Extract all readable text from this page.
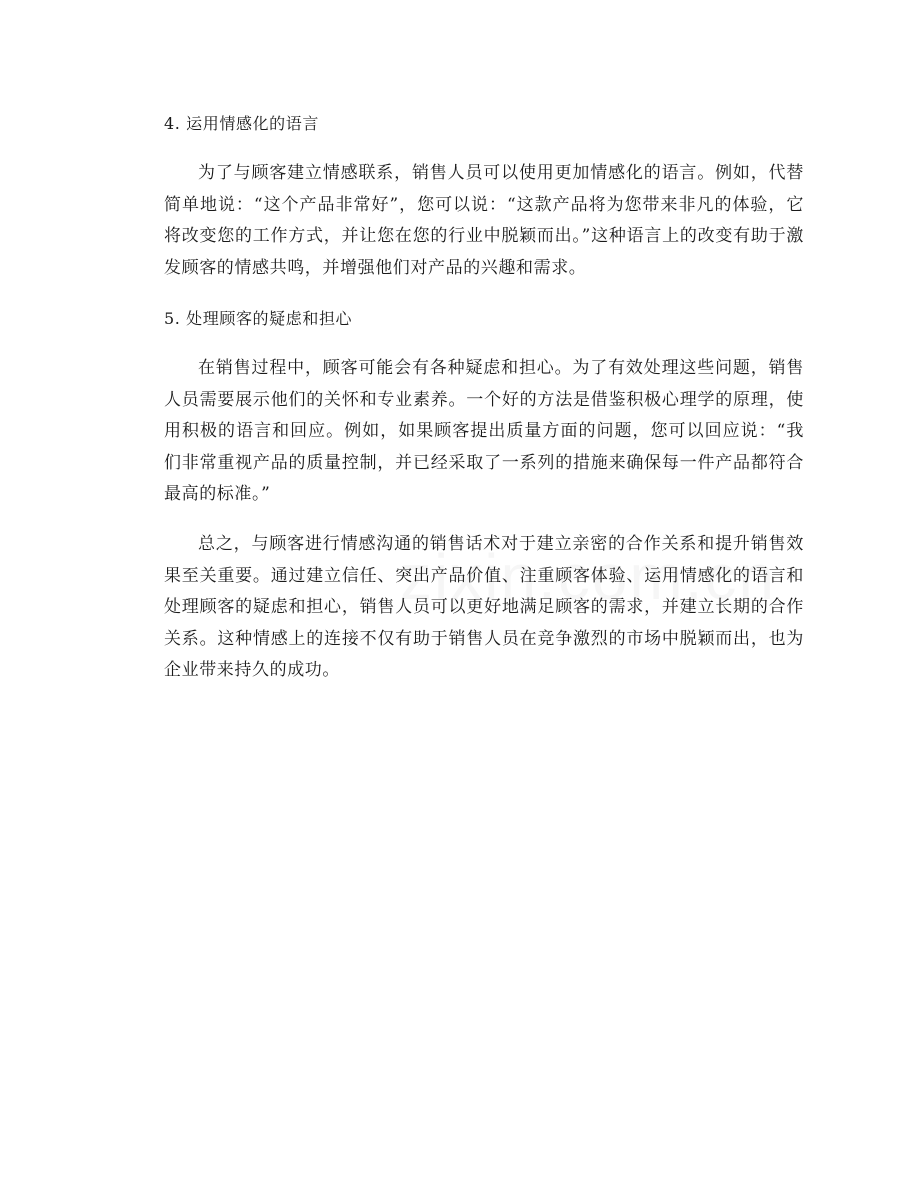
4. 运用情感化的语言

为了与顾客建立情感联系，销售人员可以使用更加情感化的语言。例如，代替简单地说：“这个产品非常好”，您可以说：“这款产品将为您带来非凡的体验，它将改变您的工作方式，并让您在您的行业中脱颖而出。”这种语言上的改变有助于激发顾客的情感共鸣，并增强他们对产品的兴趣和需求。

5. 处理顾客的疑虑和担心

在销售过程中，顾客可能会有各种疑虑和担心。为了有效处理这些问题，销售人员需要展示他们的关怀和专业素养。一个好的方法是借鉴积极心理学的原理，使用积极的语言和回应。例如，如果顾客提出质量方面的问题，您可以回应说：“我们非常重视产品的质量控制，并已经采取了一系列的措施来确保每一件产品都符合最高的标准。”

总之，与顾客进行情感沟通的销售话术对于建立亲密的合作关系和提升销售效果至关重要。通过建立信任、突出产品价值、注重顾客体验、运用情感化的语言和处理顾客的疑虑和担心，销售人员可以更好地满足顾客的需求，并建立长期的合作关系。这种情感上的连接不仅有助于销售人员在竞争激烈的市场中脱颖而出，也为企业带来持久的成功。
